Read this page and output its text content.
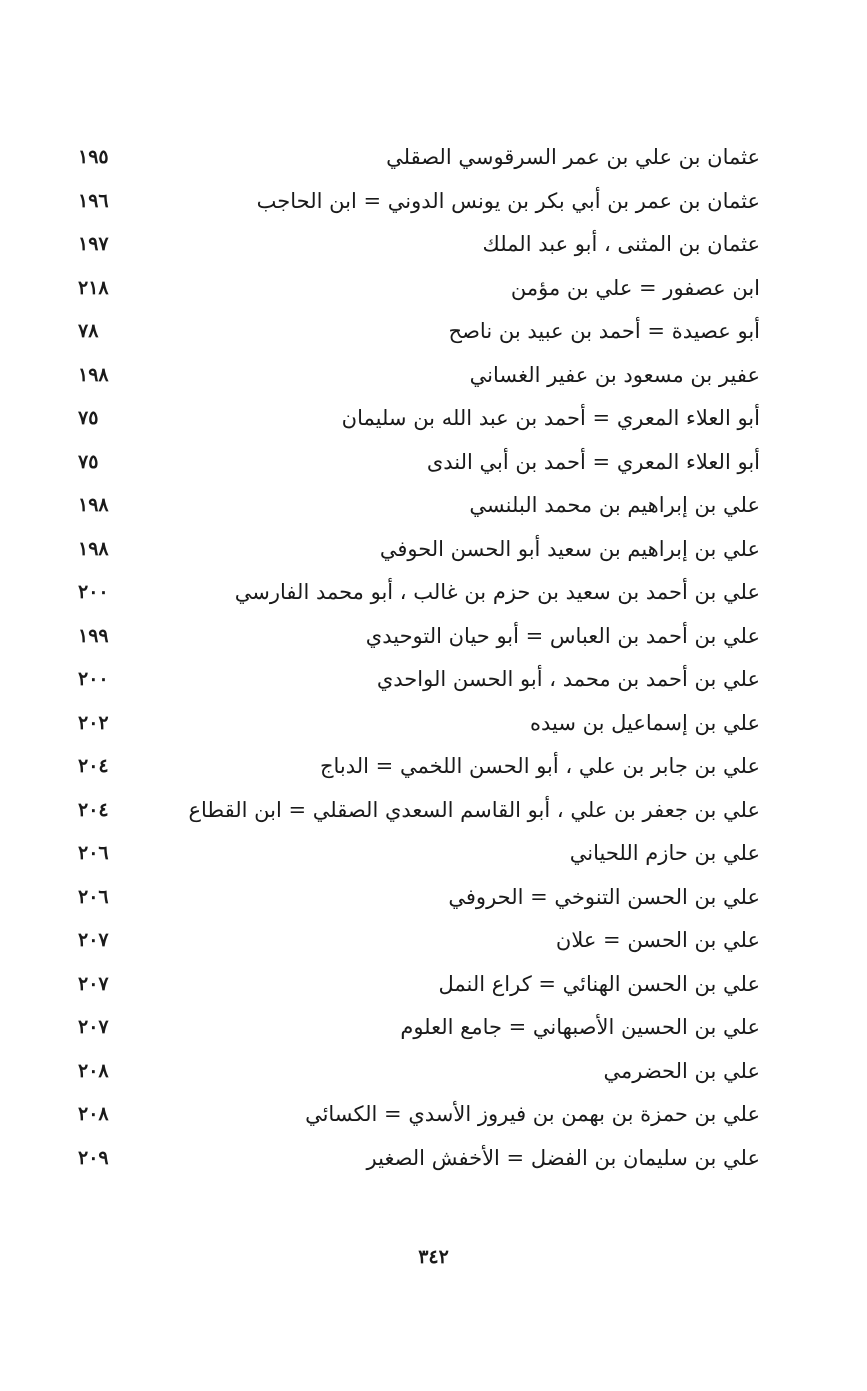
عثمان بن علي بن عمر السرقوسي الصقلي
١٩٥
عثمان بن عمر بن أبي بكر بن يونس الدوني = ابن الحاجب
١٩٦
عثمان بن المثنى ، أبو عبد الملك
١٩٧
ابن عصفور = علي بن مؤمن
٢١٨
أبو عصيدة = أحمد بن عبيد بن ناصح
٧٨
عفير بن مسعود بن عفير الغساني
١٩٨
أبو العلاء المعري = أحمد بن عبد الله بن سليمان
٧٥
أبو العلاء المعري = أحمد بن أبي الندى
٧٥
علي بن إبراهيم بن محمد البلنسي
١٩٨
علي بن إبراهيم بن سعيد أبو الحسن الحوفي
١٩٨
علي بن أحمد بن سعيد بن حزم بن غالب ، أبو محمد الفارسي
٢٠٠
علي بن أحمد بن العباس = أبو حيان التوحيدي
١٩٩
علي بن أحمد بن محمد ، أبو الحسن الواحدي
٢٠٠
علي بن إسماعيل بن سيده
٢٠٢
علي بن جابر بن علي ، أبو الحسن اللخمي = الدباج
٢٠٤
علي بن جعفر بن علي ، أبو القاسم السعدي الصقلي = ابن القطاع
٢٠٤
علي بن حازم اللحياني
٢٠٦
علي بن الحسن التنوخي = الحروفي
٢٠٦
علي بن الحسن = علان
٢٠٧
علي بن الحسن الهنائي = كراع النمل
٢٠٧
علي بن الحسين الأصبهاني = جامع العلوم
٢٠٧
علي بن الحضرمي
٢٠٨
علي بن حمزة بن بهمن بن فيروز الأسدي = الكسائي
٢٠٨
علي بن سليمان بن الفضل = الأخفش الصغير
٢٠٩
٣٤٢
